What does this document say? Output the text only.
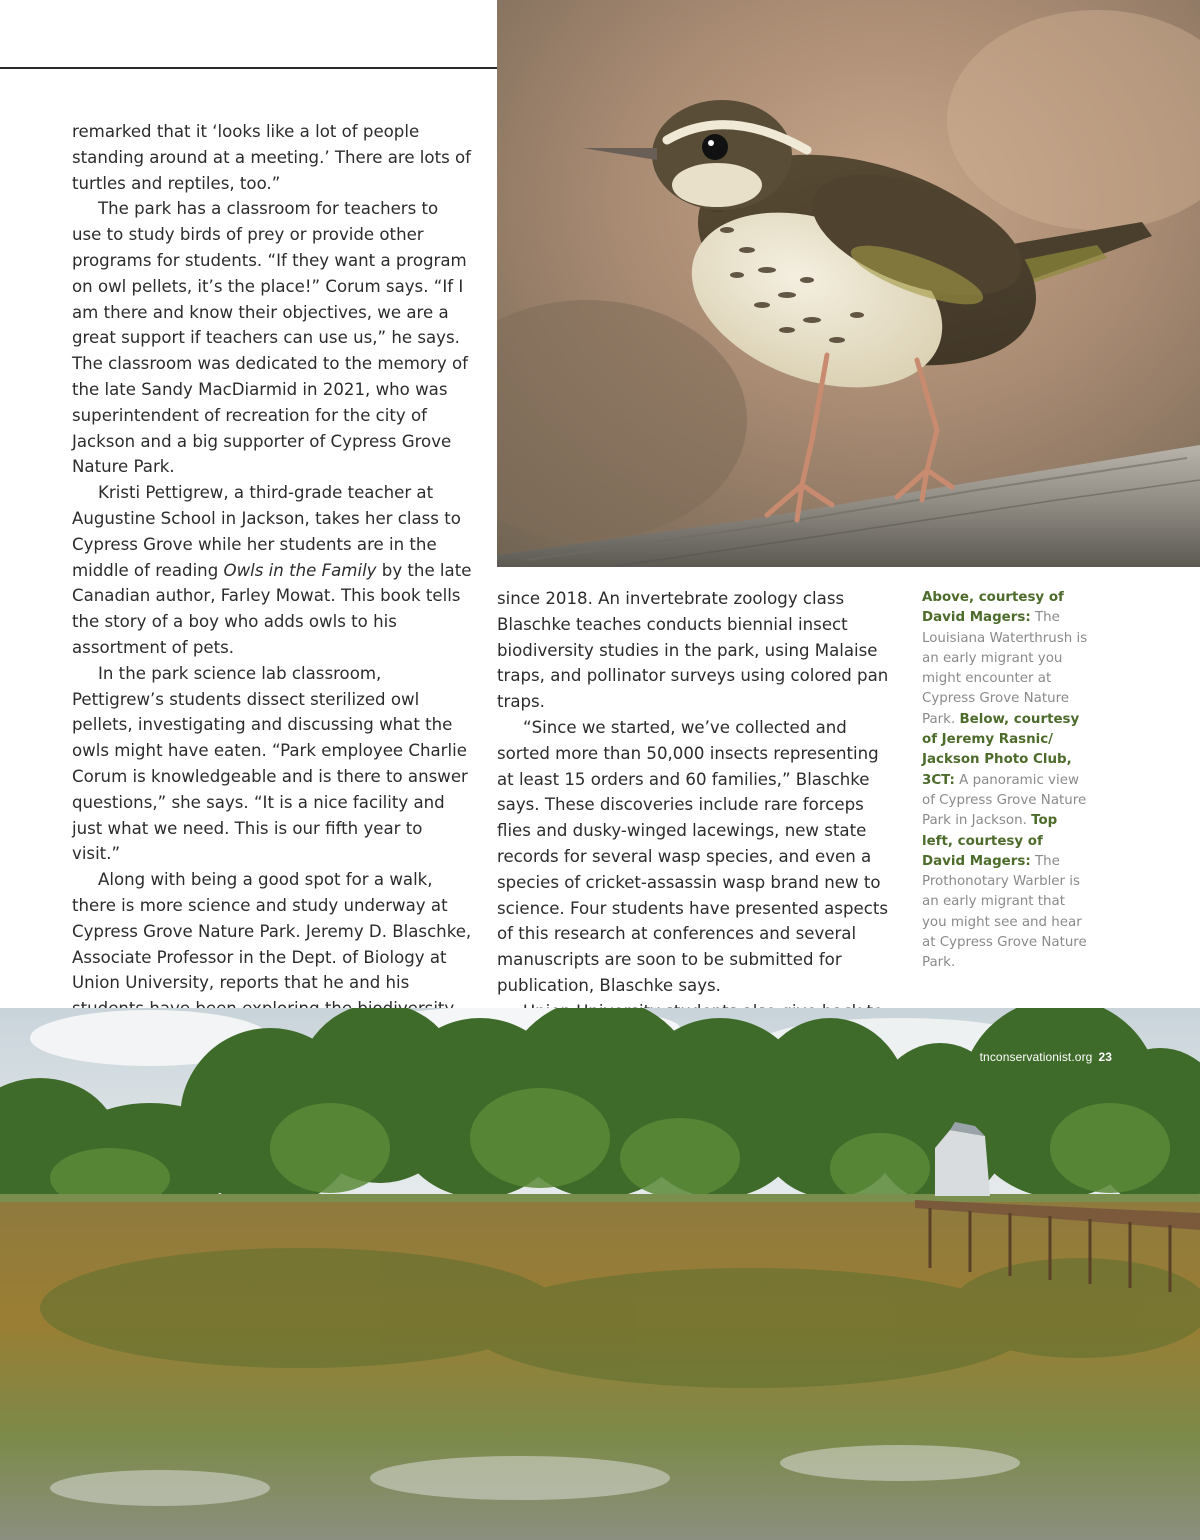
remarked that it ‘looks like a lot of people standing around at a meeting.’ There are lots of turtles and reptiles, too.”

The park has a classroom for teachers to use to study birds of prey or provide other programs for students. “If they want a program on owl pellets, it’s the place!” Corum says. “If I am there and know their objectives, we are a great support if teachers can use us,” he says. The classroom was dedicated to the memory of the late Sandy MacDiarmid in 2021, who was superintendent of recreation for the city of Jackson and a big supporter of Cypress Grove Nature Park.

Kristi Pettigrew, a third-grade teacher at Augustine School in Jackson, takes her class to Cypress Grove while her students are in the middle of reading Owls in the Family by the late Canadian author, Farley Mowat. This book tells the story of a boy who adds owls to his assortment of pets.

In the park science lab classroom, Pettigrew’s students dissect sterilized owl pellets, investigating and discussing what the owls might have eaten. “Park employee Charlie Corum is knowledgeable and is there to answer questions,” she says. “It is a nice facility and just what we need. This is our fifth year to visit.”

Along with being a good spot for a walk, there is more science and study underway at Cypress Grove Nature Park. Jeremy D. Blaschke, Associate Professor in the Dept. of Biology at Union University, reports that he and his

since 2018. An invertebrate zoology class Blaschke teaches conducts biennial insect biodiversity studies in the park, using Malaise traps, and pollinator surveys using colored pan traps.

“Since we started, we’ve collected and sorted more than 50,000 insects representing at least 15 orders and 60 families,” Blaschke says. These discoveries include rare forceps flies and dusky-winged lacewings, new state records for several wasp species, and even a species of cricket-assassin wasp brand new to science. Four students have presented aspects of this research at conferences and several manuscripts are soon to be submitted for publication, Blaschke says.

Above, courtesy of David Magers: The Louisiana Waterthrush is an early migrant you might encounter at Cypress Grove Nature Park. Below, courtesy of Jeremy Rasnic/ Jackson Photo Club, 3CT: A panoramic view of Cypress Grove Nature Park in Jackson. Top left, courtesy of David Magers: The Prothonotary Warbler is an early migrant that you might see and hear at Cypress Grove Nature Park.
tnconservationist.org 23
